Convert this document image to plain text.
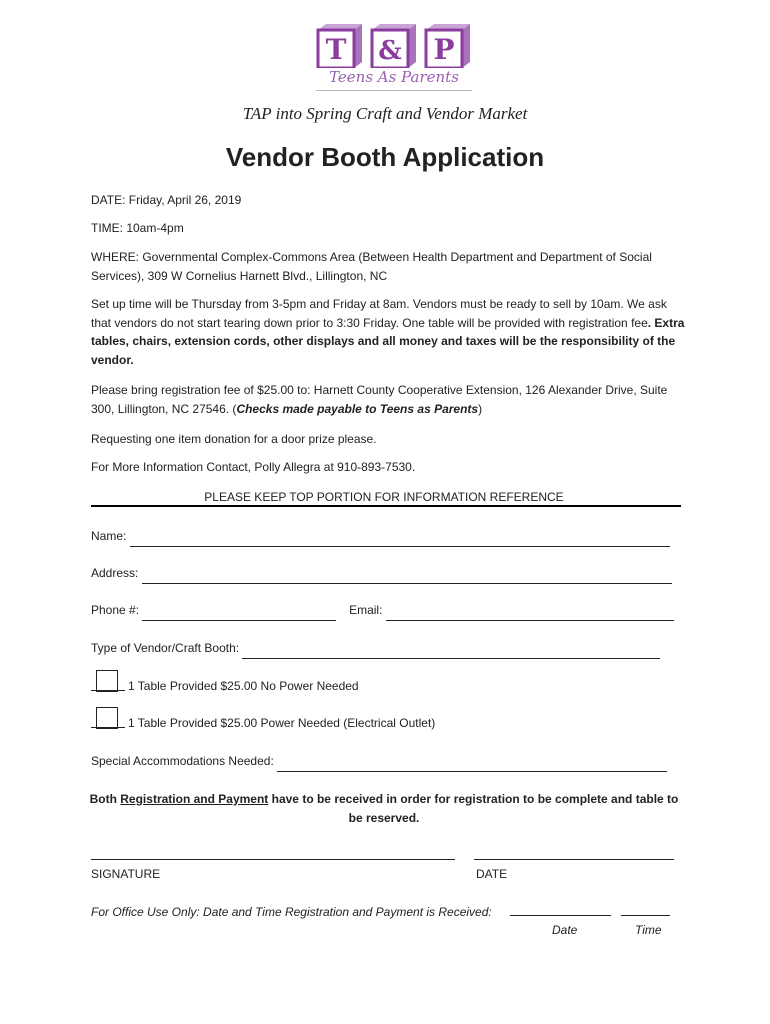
T & P
Teens As Parents
TAP into Spring Craft and Vendor Market
Vendor Booth Application
DATE: Friday, April 26, 2019
TIME: 10am-4pm
WHERE: Governmental Complex-Commons Area (Between Health Department and Department of Social Services), 309 W Cornelius Harnett Blvd., Lillington, NC
Set up time will be Thursday from 3-5pm and Friday at 8am. Vendors must be ready to sell by 10am. We ask that vendors do not start tearing down prior to 3:30 Friday. One table will be provided with registration fee. Extra tables, chairs, extension cords, other displays and all money and taxes will be the responsibility of the vendor.
Please bring registration fee of $25.00 to: Harnett County Cooperative Extension, 126 Alexander Drive, Suite 300, Lillington, NC 27546. (Checks made payable to Teens as Parents)
Requesting one item donation for a door prize please.
For More Information Contact, Polly Allegra at 910-893-7530.
PLEASE KEEP TOP PORTION FOR INFORMATION REFERENCE
Name:
Address:
Phone #:	Email:
Type of Vendor/Craft Booth:
1 Table Provided $25.00 No Power Needed
1 Table Provided $25.00 Power Needed (Electrical Outlet)
Special Accommodations Needed:
Both Registration and Payment have to be received in order for registration to be complete and table to be reserved.
SIGNATURE	DATE
For Office Use Only: Date and Time Registration and Payment is Received:
Date	Time
